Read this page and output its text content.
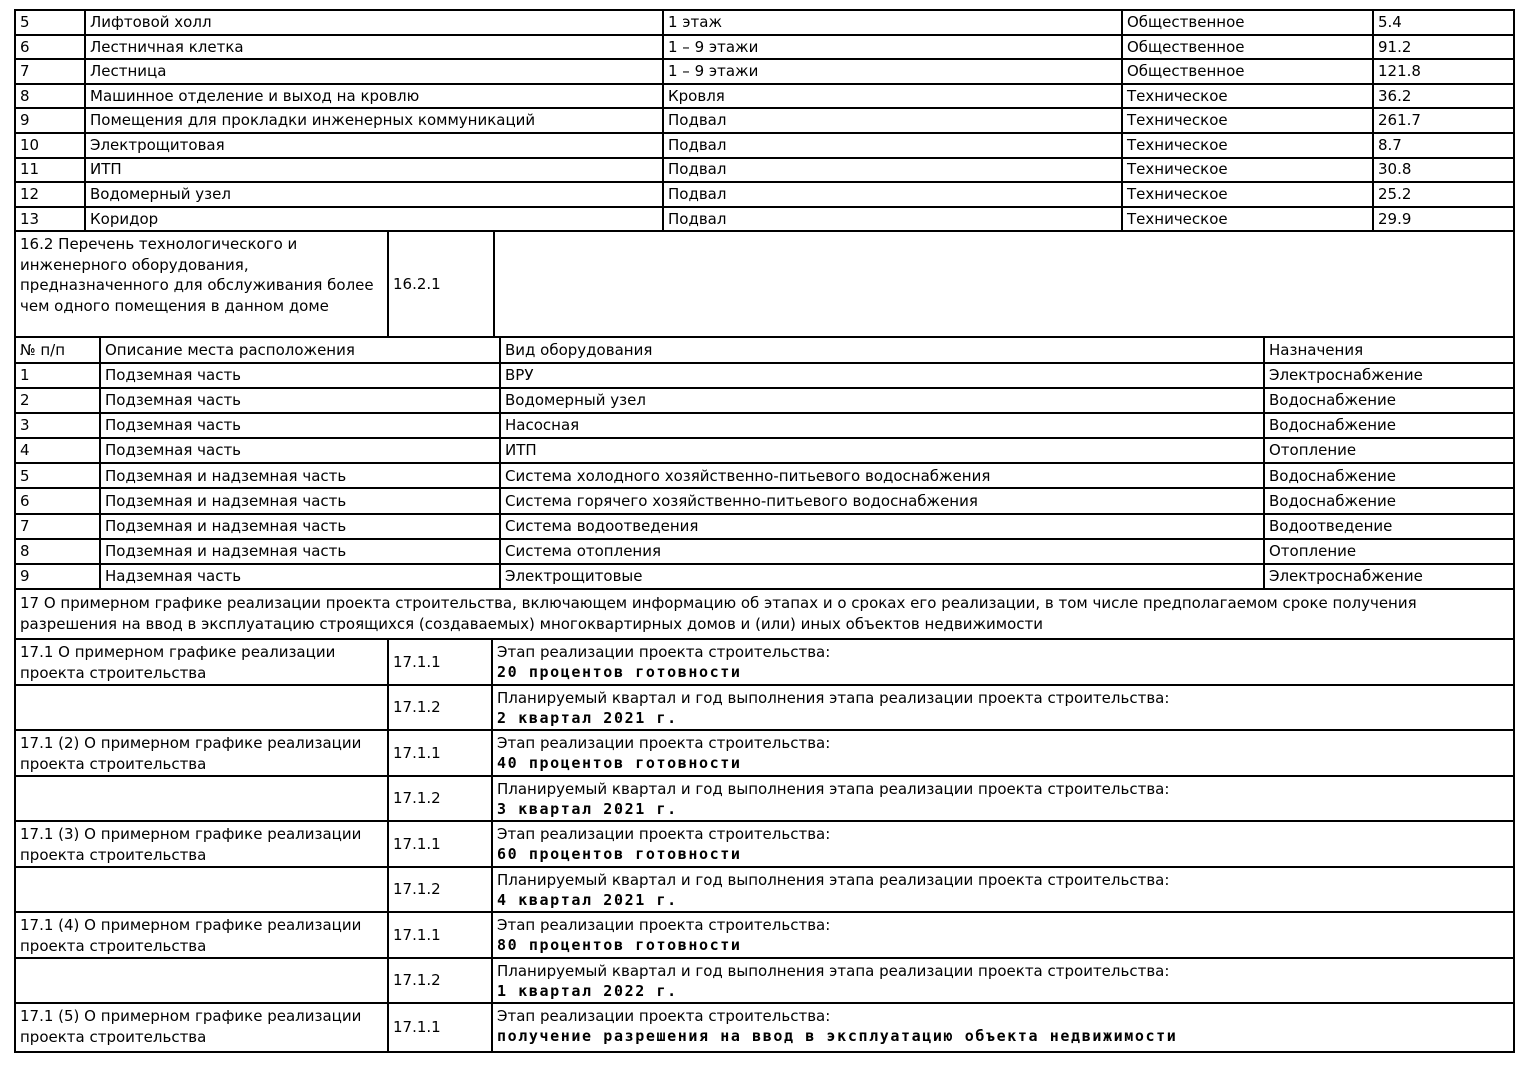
5	Лифтовой холл	1 этаж	Общественное	5.4
6	Лестничная клетка	1 – 9 этажи	Общественное	91.2
7	Лестница	1 – 9 этажи	Общественное	121.8
8	Машинное отделение и выход на кровлю	Кровля	Техническое	36.2
9	Помещения для прокладки инженерных коммуникаций	Подвал	Техническое	261.7
10	Электрощитовая	Подвал	Техническое	8.7
11	ИТП	Подвал	Техническое	30.8
12	Водомерный узел	Подвал	Техническое	25.2
13	Коридор	Подвал	Техническое	29.9
16.2 Перечень технологического и инженерного оборудования, предназначенного для обслуживания более чем одного помещения в данном доме	16.2.1	
№ п/п	Описание места расположения	Вид оборудования	Назначения
1	Подземная часть	ВРУ	Электроснабжение
2	Подземная часть	Водомерный узел	Водоснабжение
3	Подземная часть	Насосная	Водоснабжение
4	Подземная часть	ИТП	Отопление
5	Подземная и надземная часть	Система холодного хозяйственно-питьевого водоснабжения	Водоснабжение
6	Подземная и надземная часть	Система горячего хозяйственно-питьевого водоснабжения	Водоснабжение
7	Подземная и надземная часть	Система водоотведения	Водоотведение
8	Подземная и надземная часть	Система отопления	Отопление
9	Надземная часть	Электрощитовые	Электроснабжение
17 О примерном графике реализации проекта строительства, включающем информацию об этапах и о сроках его реализации, в том числе предполагаемом сроке получения разрешения на ввод в эксплуатацию строящихся (создаваемых) многоквартирных домов и (или) иных объектов недвижимости
17.1 О примерном графике реализации проекта строительства	17.1.1	Этап реализации проекта строительства:
20 процентов готовности

	17.1.2	Планируемый квартал и год выполнения этапа реализации проекта строительства:
2 квартал 2021 г.

17.1 (2) О примерном графике реализации проекта строительства	17.1.1	Этап реализации проекта строительства:
40 процентов готовности

	17.1.2	Планируемый квартал и год выполнения этапа реализации проекта строительства:
3 квартал 2021 г.

17.1 (3) О примерном графике реализации проекта строительства	17.1.1	Этап реализации проекта строительства:
60 процентов готовности

	17.1.2	Планируемый квартал и год выполнения этапа реализации проекта строительства:
4 квартал 2021 г.

17.1 (4) О примерном графике реализации проекта строительства	17.1.1	Этап реализации проекта строительства:
80 процентов готовности

	17.1.2	Планируемый квартал и год выполнения этапа реализации проекта строительства:
1 квартал 2022 г.

17.1 (5) О примерном графике реализации проекта строительства	17.1.1	Этап реализации проекта строительства:
получение разрешения на ввод в эксплуатацию объекта недвижимости
